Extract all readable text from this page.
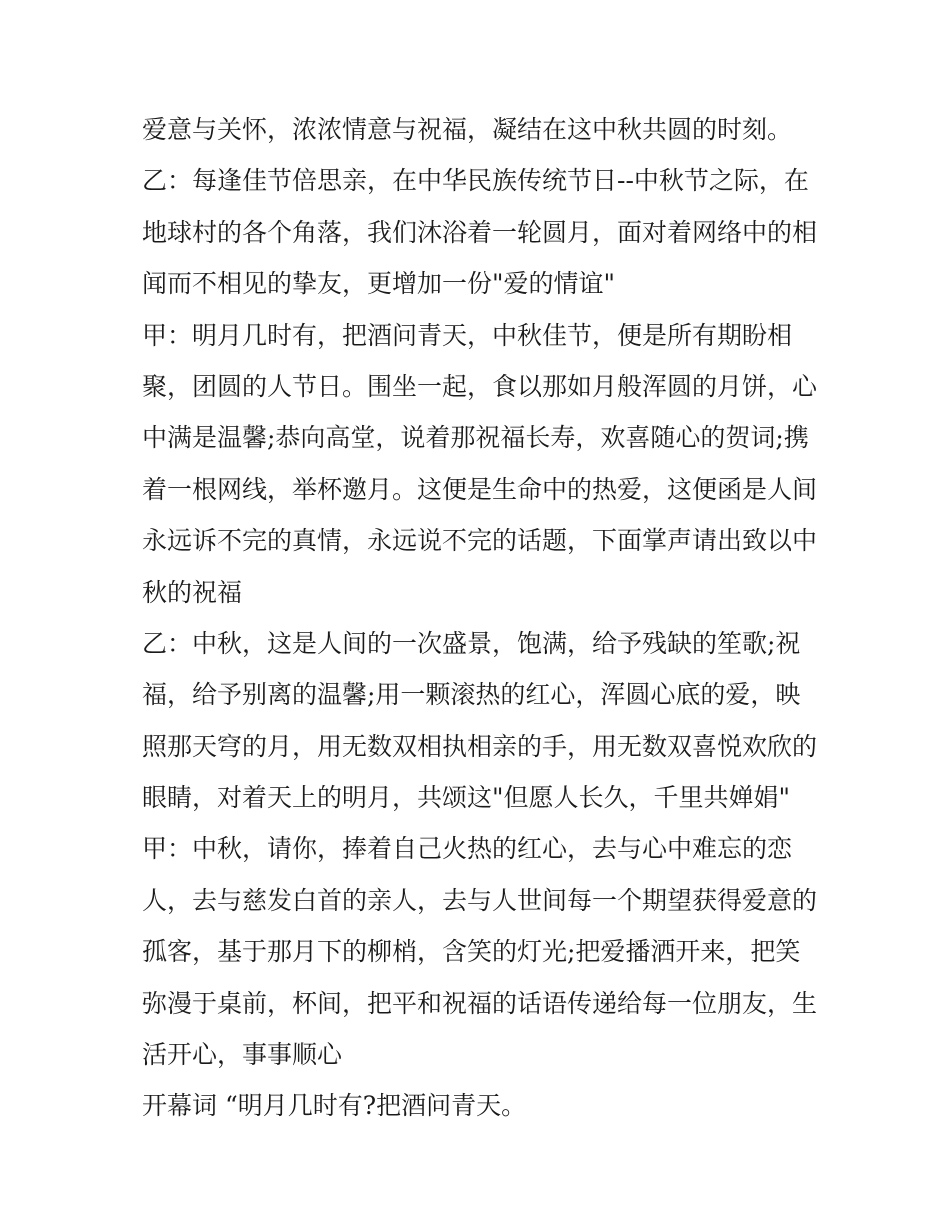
爱意与关怀，浓浓情意与祝福，凝结在这中秋共圆的时刻。
乙：每逢佳节倍思亲，在中华民族传统节日--中秋节之际，在
地球村的各个角落，我们沐浴着一轮圆月，面对着网络中的相
闻而不相见的挚友，更增加一份"爱的情谊"
甲：明月几时有，把酒问青天，中秋佳节，便是所有期盼相
聚，团圆的人节日。围坐一起，食以那如月般浑圆的月饼，心
中满是温馨;恭向高堂，说着那祝福长寿，欢喜随心的贺词;携
着一根网线，举杯邀月。这便是生命中的热爱，这便函是人间
永远诉不完的真情，永远说不完的话题，下面掌声请出致以中
秋的祝福
乙：中秋，这是人间的一次盛景，饱满，给予残缺的笙歌;祝
福，给予别离的温馨;用一颗滚热的红心，浑圆心底的爱，映
照那天穹的月，用无数双相执相亲的手，用无数双喜悦欢欣的
眼睛，对着天上的明月，共颂这"但愿人长久，千里共婵娟"
甲：中秋，请你，捧着自己火热的红心，去与心中难忘的恋
人，去与慈发白首的亲人，去与人世间每一个期望获得爱意的
孤客，基于那月下的柳梢，含笑的灯光;把爱播洒开来，把笑
弥漫于桌前，杯间，把平和祝福的话语传递给每一位朋友，生
活开心，事事顺心
开幕词 “明月几时有?把酒问青天。
